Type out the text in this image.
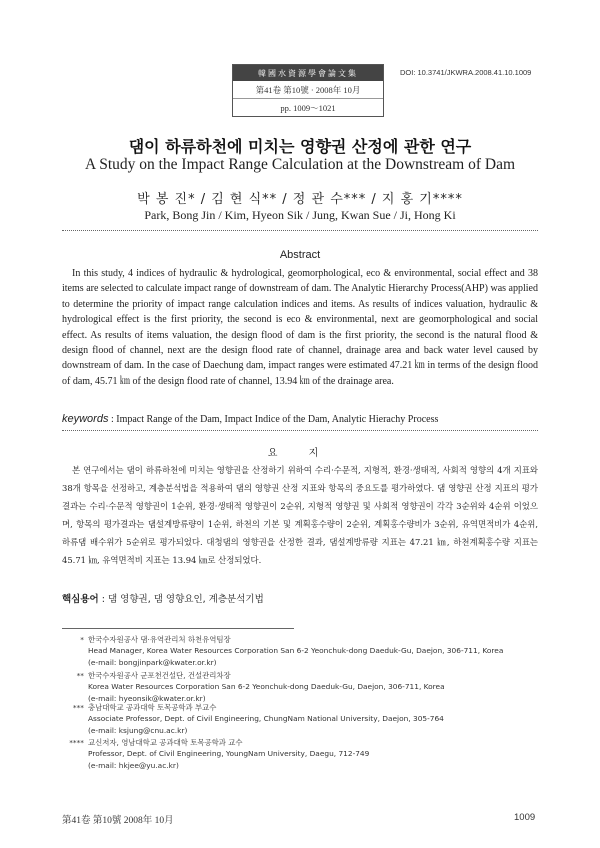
韓國水資源學會論文集
第41卷 第10號 · 2008年 10月
pp. 1009～1021
DOI: 10.3741/JKWRA.2008.41.10.1009
댐이 하류하천에 미치는 영향권 산정에 관한 연구
A Study on the Impact Range Calculation at the Downstream of Dam
박 봉 진* / 김 현 식** / 정 관 수*** / 지 홍 기****
Park, Bong Jin / Kim, Hyeon Sik / Jung, Kwan Sue / Ji, Hong Ki
Abstract
In this study, 4 indices of hydraulic & hydrological, geomorphological, eco & environmental, social effect and 38 items are selected to calculate impact range of downstream of dam. The Analytic Hierarchy Process(AHP) was applied to determine the priority of impact range calculation indices and items. As results of indices valuation, hydraulic & hydrological effect is the first priority, the second is eco & environmental, next are geomorphological and social effect. As results of items valuation, the design flood of dam is the first priority, the second is the natural flood & design flood of channel, next are the design flood rate of channel, drainage area and back water level caused by downstream of dam. In the case of Daechung dam, impact ranges were estimated 47.21 ㎞ in terms of the design flood of dam, 45.71 ㎞ of the design flood rate of channel, 13.94 ㎞ of the drainage area.
keywords : Impact Range of the Dam, Impact Indice of the Dam, Analytic Hierachy Process
요 지
본 연구에서는 댐이 하류하천에 미치는 영향권을 산정하기 위하여 수리·수문적, 지형적, 환경·생태적, 사회적 영향의 4개 지표와 38개 항목을 선정하고, 계층분석법을 적용하여 댐의 영향권 산정 지표와 항목의 중요도를 평가하였다. 댐 영향권 산정 지표의 평가결과는 수리·수문적 영향권이 1순위, 환경·생태적 영향권이 2순위, 지형적 영향권 및 사회적 영향권이 각각 3순위와 4순위 이었으며, 항목의 평가결과는 댐설계방류량이 1순위, 하천의 기본 및 계획홍수량이 2순위, 계획홍수량비가 3순위, 유역면적비가 4순위, 하류댐 배수위가 5순위로 평가되었다. 대청댐의 영향권을 산정한 결과, 댐설계방류량 지표는 47.21 ㎞, 하천계획홍수량 지표는 45.71 ㎞, 유역면적비 지표는 13.94 ㎞로 산정되었다.
핵심용어 : 댐 영향권, 댐 영향요인, 계층분석기법
* 한국수자원공사 댐·유역관리처 하천유역팀장
Head Manager, Korea Water Resources Corporation San 6-2 Yeonchuk-dong Daeduk-Gu, Daejon, 306-711, Korea
(e-mail: bongjinpark@kwater.or.kr)
** 한국수자원공사 군포천건설단, 건설관리차장
Korea Water Resources Corporation San 6-2 Yeonchuk-dong Daeduk-Gu, Daejon, 306-711, Korea
(e-mail: hyeonsik@kwater.or.kr)
*** 충남대학교 공과대학 토목공학과 부교수
Associate Professor, Dept. of Civil Engineering, ChungNam National University, Daejon, 305-764
(e-mail: ksjung@cnu.ac.kr)
**** 교신저자, 영남대학교 공과대학 토목공학과 교수
Professor, Dept. of Civil Engineering, YoungNam University, Daegu, 712-749
(e-mail: hkjee@yu.ac.kr)
第41卷 第10號 2008年 10月	1009
